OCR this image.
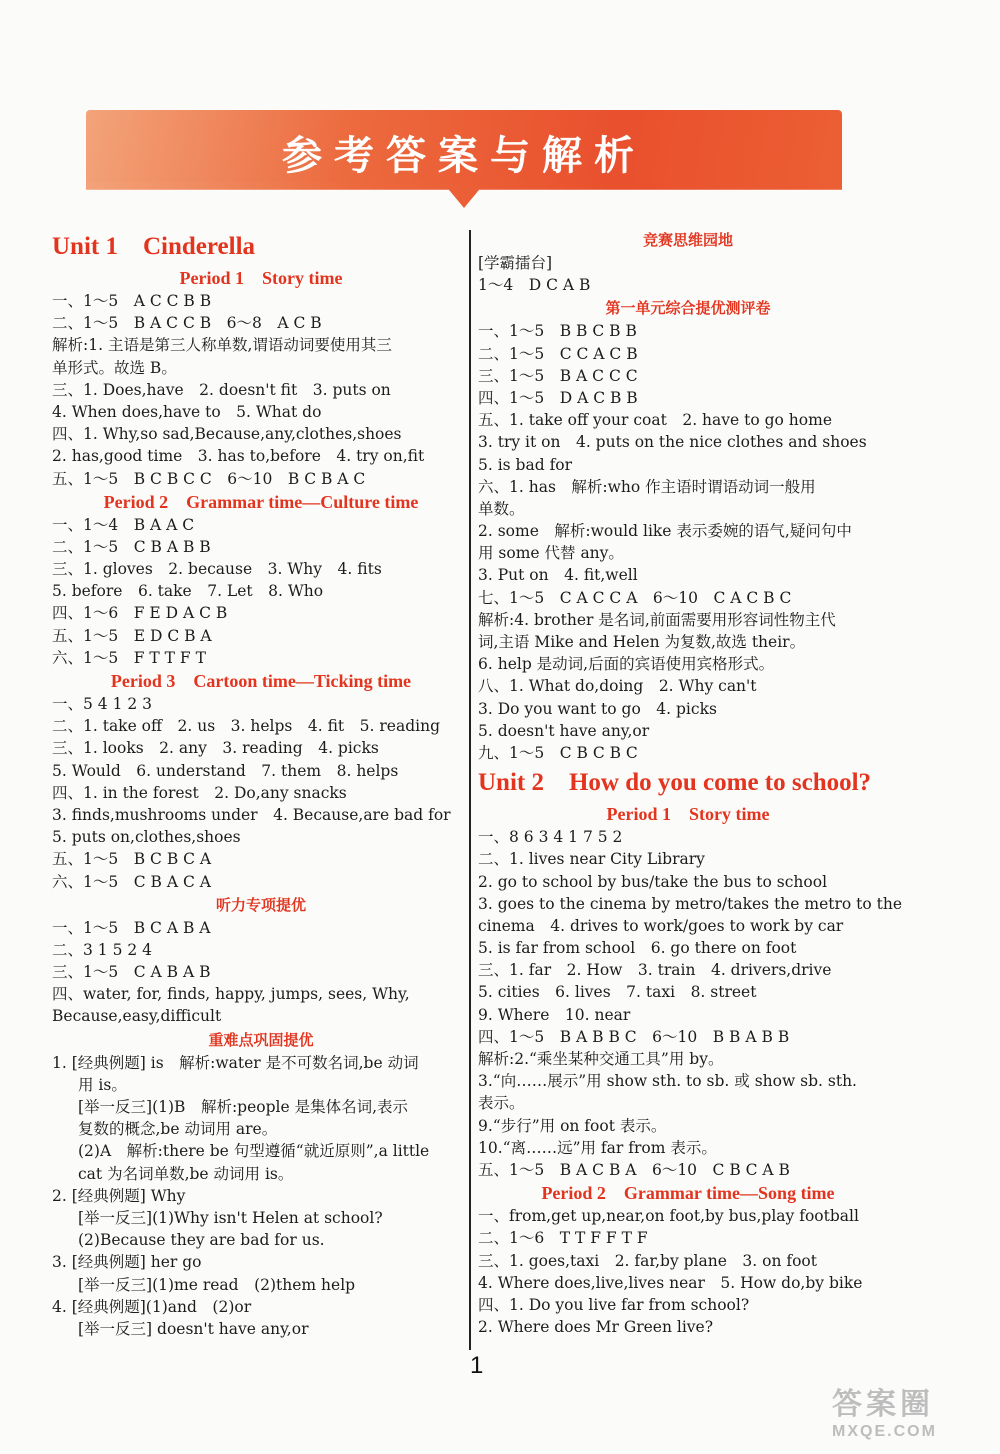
参考答案与解析
Unit 1　Cinderella
Period 1　Story time
一、1～5　A C C B B
二、1～5　B A C C B　6～8　A C B
解析:1. 主语是第三人称单数,谓语动词要使用其三
单形式。故选 B。
三、1. Does,have　2. doesn't fit　3. puts on
4. When does,have to　5. What do
四、1. Why,so sad,Because,any,clothes,shoes
2. has,good time　3. has to,before　4. try on,fit
五、1～5　B C B C C　6～10　B C B A C
Period 2　Grammar time—Culture time
一、1～4　B A A C
二、1～5　C B A B B
三、1. gloves　2. because　3. Why　4. fits
5. before　6. take　7. Let　8. Who
四、1～6　F E D A C B
五、1～5　E D C B A
六、1～5　F T T F T
Period 3　Cartoon time—Ticking time
一、5 4 1 2 3
二、1. take off　2. us　3. helps　4. fit　5. reading
三、1. looks　2. any　3. reading　4. picks
5. Would　6. understand　7. them　8. helps
四、1. in the forest　2. Do,any snacks
3. finds,mushrooms under　4. Because,are bad for
5. puts on,clothes,shoes
五、1～5　B C B C A
六、1～5　C B A C A
听力专项提优
一、1～5　B C A B A
二、3 1 5 2 4
三、1～5　C A B A B
四、water, for, finds, happy, jumps, sees, Why,
Because,easy,difficult
重难点巩固提优
1. [经典例题] is　解析:water 是不可数名词,be 动词
用 is。
[举一反三](1)B　解析:people 是集体名词,表示
复数的概念,be 动词用 are。
(2)A　解析:there be 句型遵循“就近原则”,a little
cat 为名词单数,be 动词用 is。
2. [经典例题] Why
[举一反三](1)Why isn't Helen at school?
(2)Because they are bad for us.
3. [经典例题] her go
[举一反三](1)me read　(2)them help
4. [经典例题](1)and　(2)or
[举一反三] doesn't have any,or
竞赛思维园地
[学霸擂台]
1～4　D C A B
第一单元综合提优测评卷
一、1～5　B B C B B
二、1～5　C C A C B
三、1～5　B A C C C
四、1～5　D A C B B
五、1. take off your coat　2. have to go home
3. try it on　4. puts on the nice clothes and shoes
5. is bad for
六、1. has　解析:who 作主语时谓语动词一般用
单数。
2. some　解析:would like 表示委婉的语气,疑问句中
用 some 代替 any。
3. Put on　4. fit,well
七、1～5　C A C C A　6～10　C A C B C
解析:4. brother 是名词,前面需要用形容词性物主代
词,主语 Mike and Helen 为复数,故选 their。
6. help 是动词,后面的宾语使用宾格形式。
八、1. What do,doing　2. Why can't
3. Do you want to go　4. picks
5. doesn't have any,or
九、1～5　C B C B C
Unit 2　How do you come to school?
Period 1　Story time
一、8 6 3 4 1 7 5 2
二、1. lives near City Library
2. go to school by bus/take the bus to school
3. goes to the cinema by metro/takes the metro to the
cinema　4. drives to work/goes to work by car
5. is far from school　6. go there on foot
三、1. far　2. How　3. train　4. drivers,drive
5. cities　6. lives　7. taxi　8. street
9. Where　10. near
四、1～5　B A B B C　6～10　B B A B B
解析:2.“乘坐某种交通工具”用 by。
3.“向……展示”用 show sth. to sb. 或 show sb. sth.
表示。
9.“步行”用 on foot 表示。
10.“离……远”用 far from 表示。
五、1～5　B A C B A　6～10　C B C A B
Period 2　Grammar time—Song time
一、from,get up,near,on foot,by bus,play football
二、1～6　T T F F T F
三、1. goes,taxi　2. far,by plane　3. on foot
4. Where does,live,lives near　5. How do,by bike
四、1. Do you live far from school?
2. Where does Mr Green live?
1
答案圈
MXQE.COM
